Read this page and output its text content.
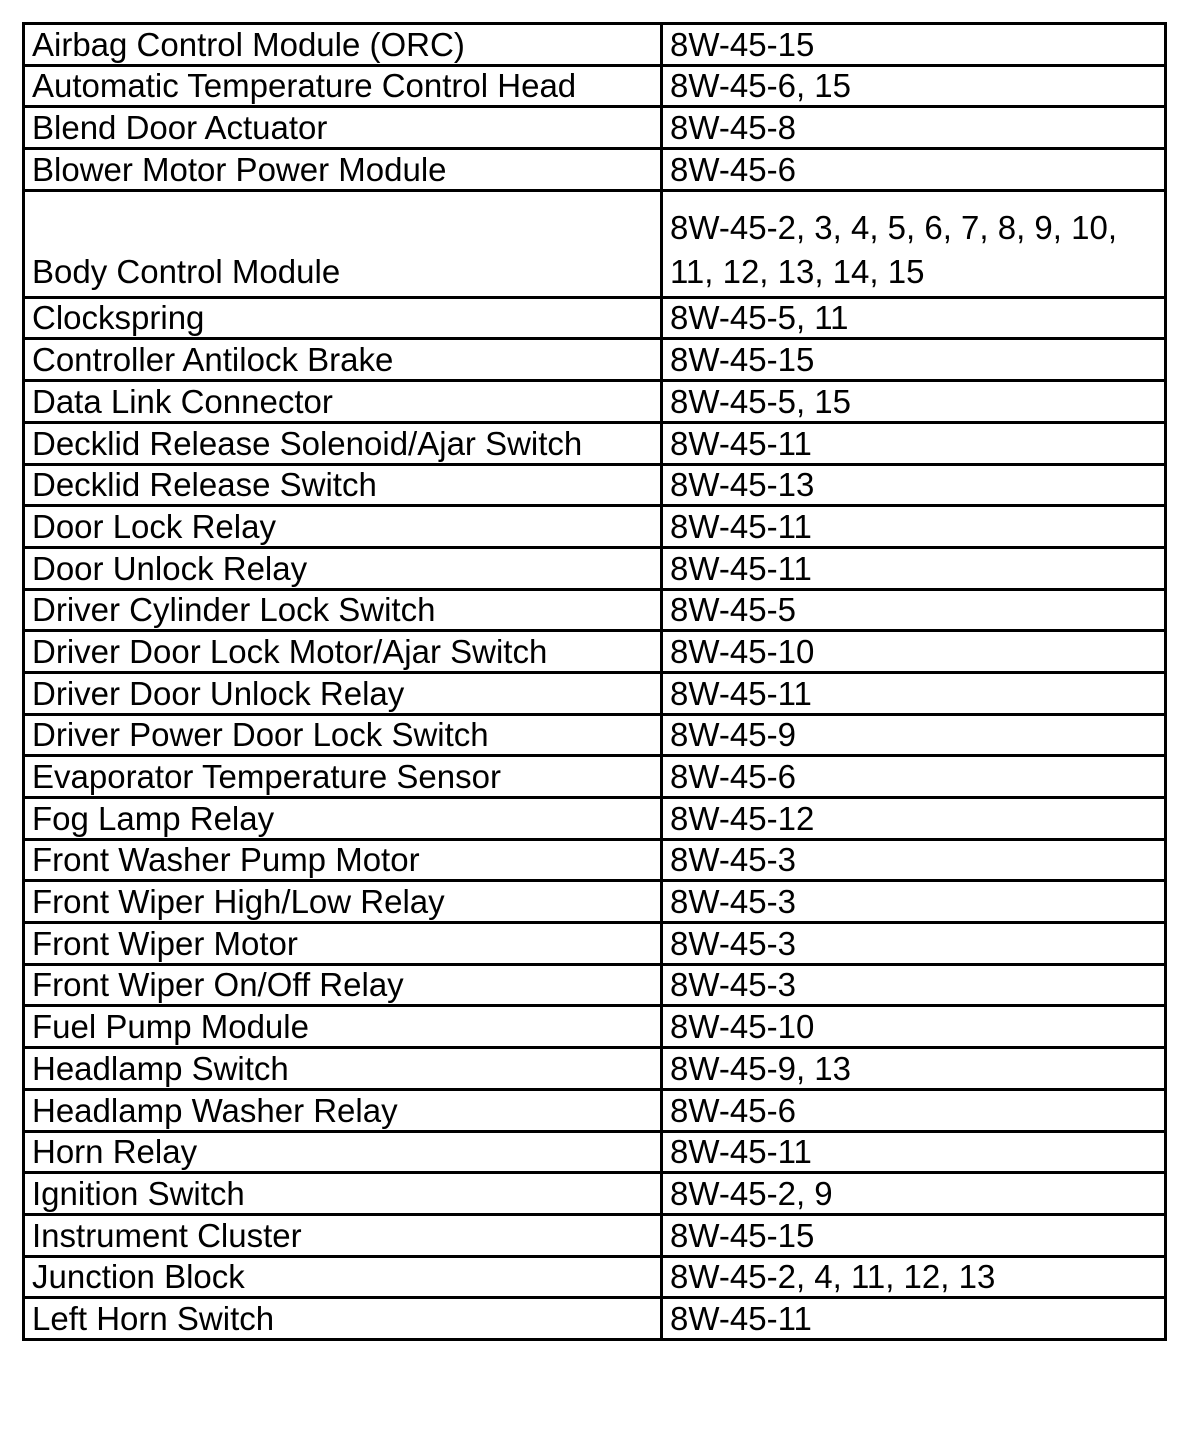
Airbag Control Module (ORC)	8W-45-15
Automatic Temperature Control Head	8W-45-6, 15
Blend Door Actuator	8W-45-8
Blower Motor Power Module	8W-45-6
Body Control Module	8W-45-2, 3, 4, 5, 6, 7, 8, 9, 10, 11, 12, 13, 14, 15
Clockspring	8W-45-5, 11
Controller Antilock Brake	8W-45-15
Data Link Connector	8W-45-5, 15
Decklid Release Solenoid/Ajar Switch	8W-45-11
Decklid Release Switch	8W-45-13
Door Lock Relay	8W-45-11
Door Unlock Relay	8W-45-11
Driver Cylinder Lock Switch	8W-45-5
Driver Door Lock Motor/Ajar Switch	8W-45-10
Driver Door Unlock Relay	8W-45-11
Driver Power Door Lock Switch	8W-45-9
Evaporator Temperature Sensor	8W-45-6
Fog Lamp Relay	8W-45-12
Front Washer Pump Motor	8W-45-3
Front Wiper High/Low Relay	8W-45-3
Front Wiper Motor	8W-45-3
Front Wiper On/Off Relay	8W-45-3
Fuel Pump Module	8W-45-10
Headlamp Switch	8W-45-9, 13
Headlamp Washer Relay	8W-45-6
Horn Relay	8W-45-11
Ignition Switch	8W-45-2, 9
Instrument Cluster	8W-45-15
Junction Block	8W-45-2, 4, 11, 12, 13
Left Horn Switch	8W-45-11
